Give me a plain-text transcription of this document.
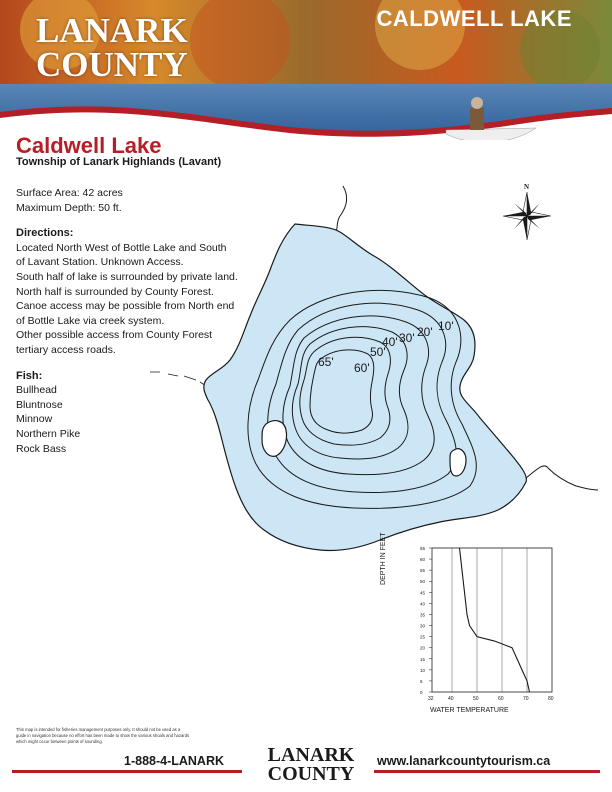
LANARK
COUNTY
CALDWELL LAKE
Caldwell Lake
Township of Lanark Highlands (Lavant)

Surface Area: 42 acres

Maximum Depth: 50 ft.

Directions:

Located North West of Bottle Lake and South

of Lavant Station. Unknown Access.

South half of lake is surrounded by private land.

North half is surrounded by County Forest.

Canoe access may be possible from North end

of Bottle Lake via creek system.

Other possible access from County Forest

tertiary access roads.

Fish:

Bullhead

Bluntnose

Minnow

Northern Pike

Rock Bass

65' 60'
50'
40' 30' 20' 10'
N
32	40	50	60	70	80
0
5
10
15
20
25
30
35
40
45
50
55
60
65
DEPTH IN FEET
WATER TEMPERATURE
This map is intended for fisheries management purposes only. It should not be used as a guide in navigation because no effort has been made to show the various shoals and hazards which might occur between points of sounding.
1-888-4-LANARK LANARK
COUNTY
www.lanarkcountytourism.ca
